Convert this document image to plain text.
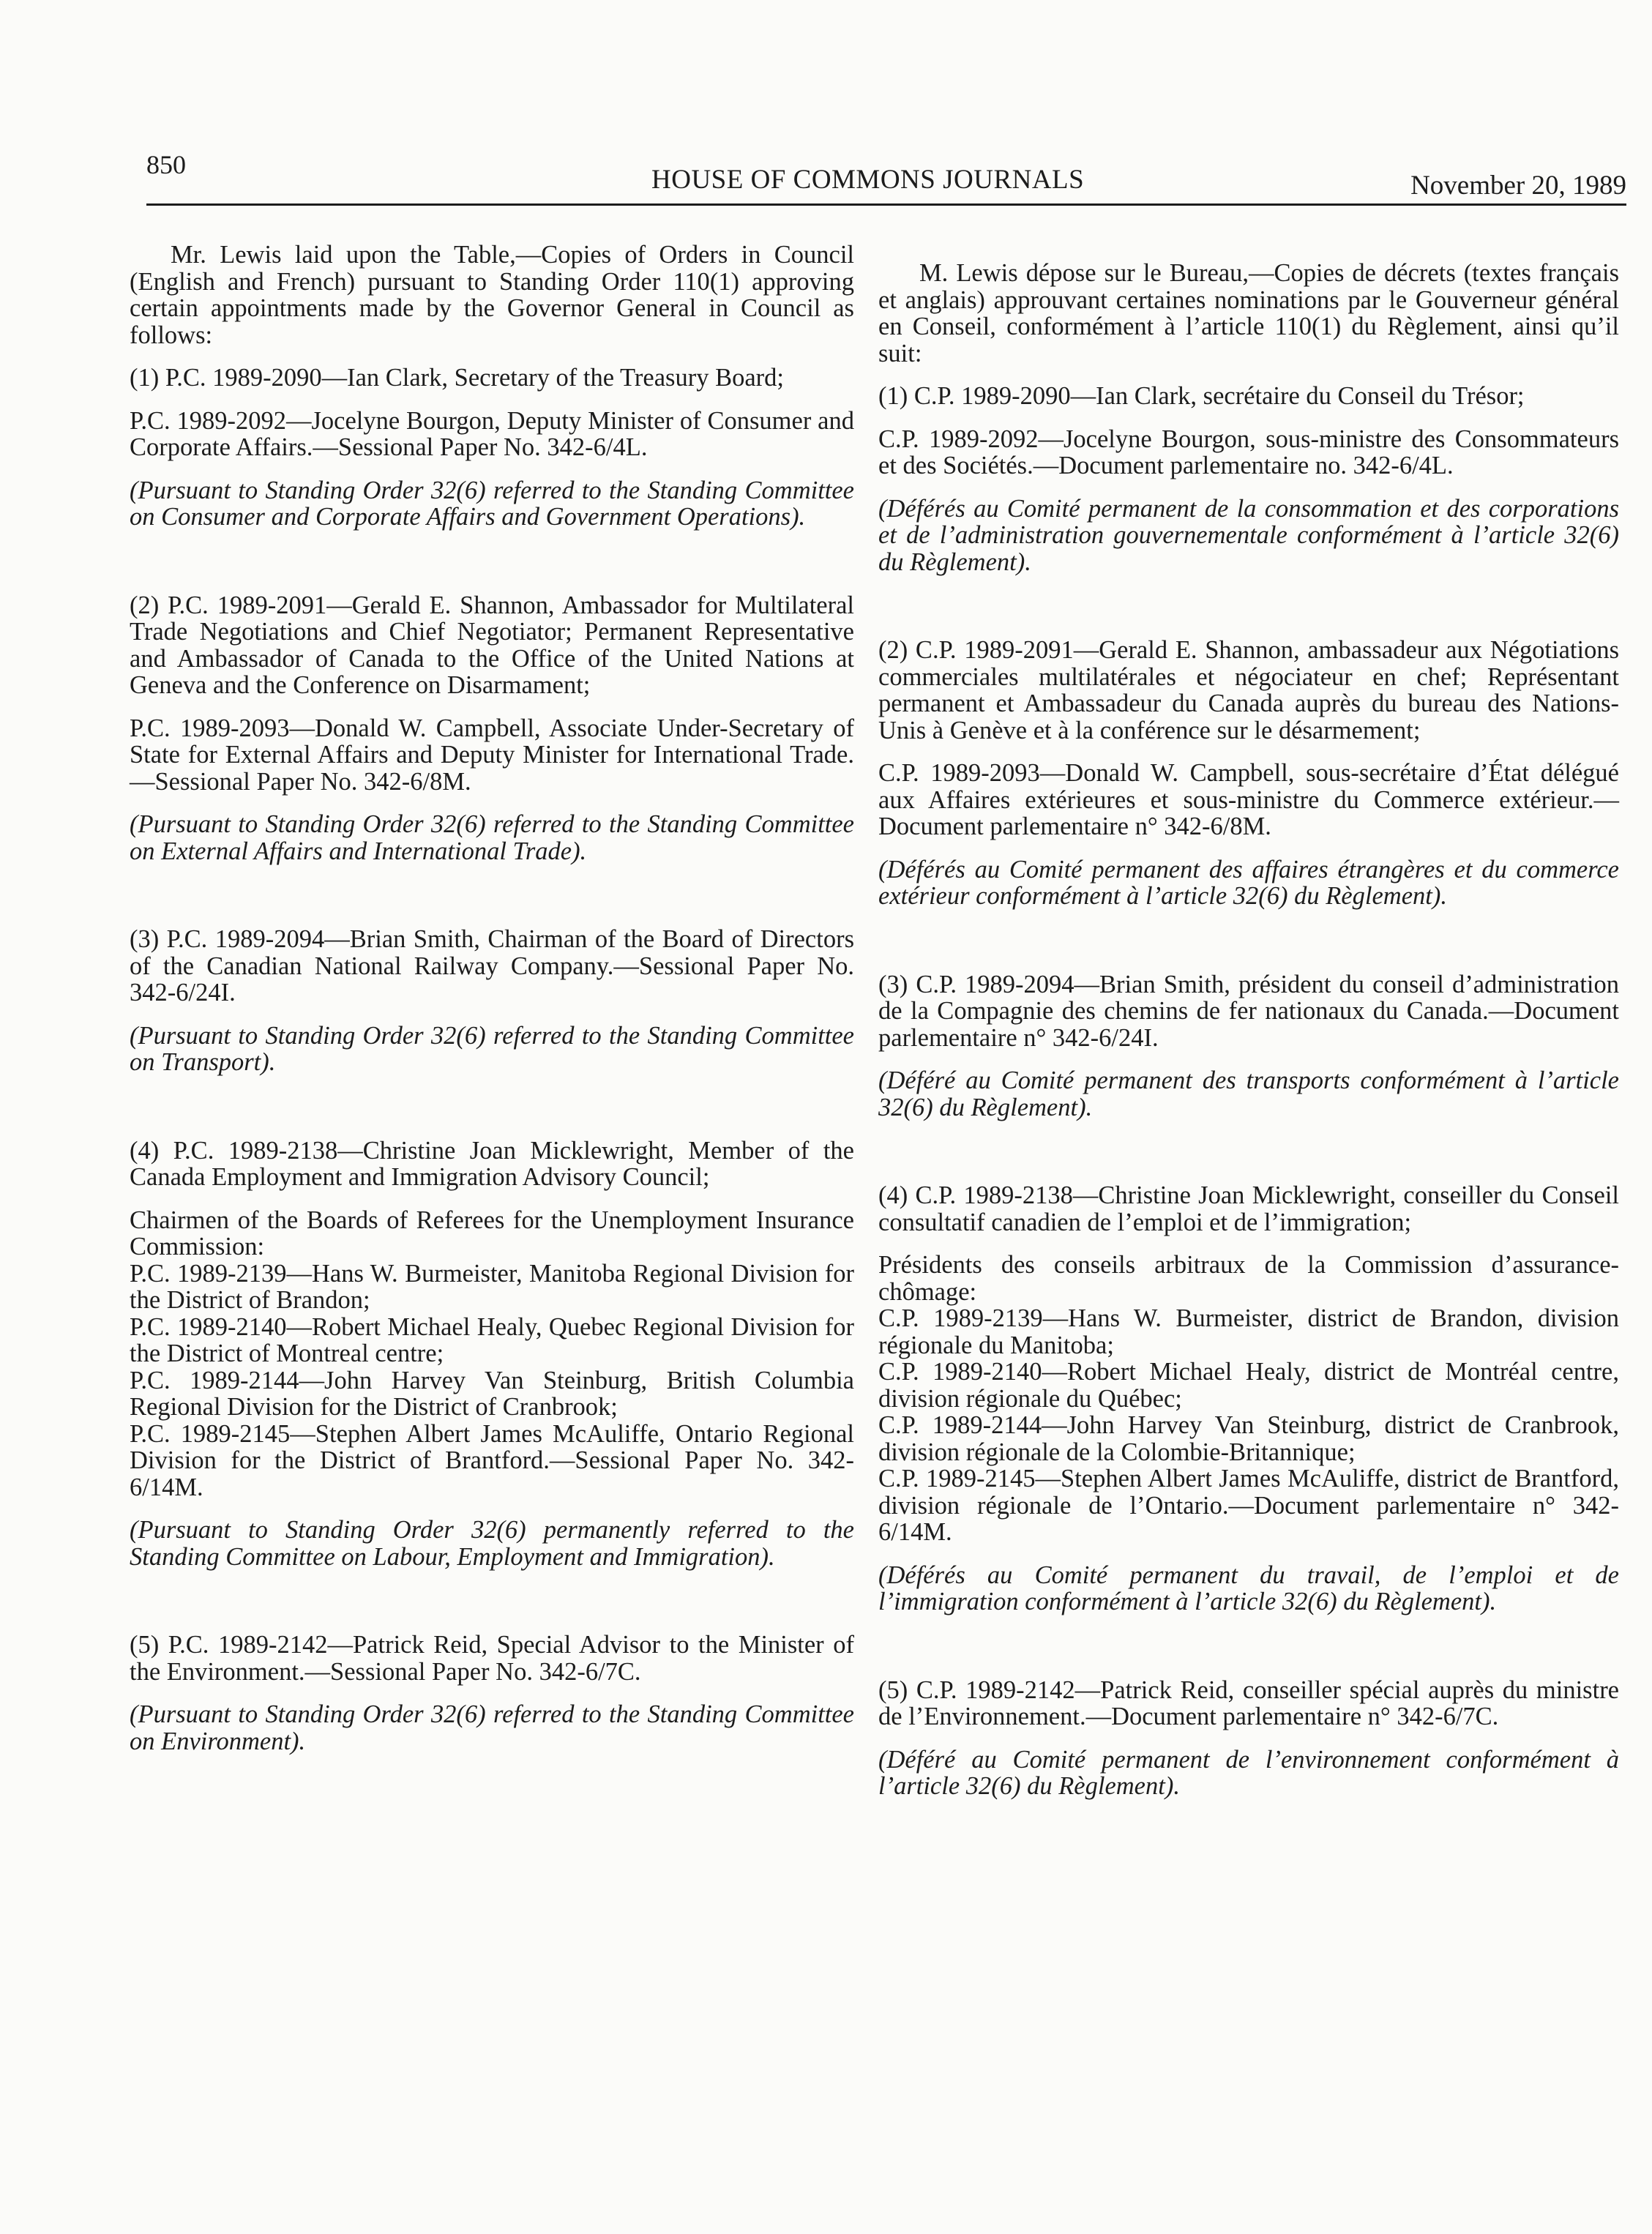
850	HOUSE OF COMMONS JOURNALS	November 20, 1989

Mr. Lewis laid upon the Table,—Copies of Orders in Council (English and French) pursuant to Standing Order 110(1) approving certain appointments made by the Governor General in Council as follows:

(1) P.C. 1989-2090—Ian Clark, Secretary of the Treasury Board;

P.C. 1989-2092—Jocelyne Bourgon, Deputy Minister of Consumer and Corporate Affairs.—Sessional Paper No. 342-6/4L.

(Pursuant to Standing Order 32(6) referred to the Standing Committee on Consumer and Corporate Affairs and Government Operations).

(2) P.C. 1989-2091—Gerald E. Shannon, Ambassador for Multilateral Trade Negotiations and Chief Negotiator; Permanent Representative and Ambassador of Canada to the Office of the United Nations at Geneva and the Conference on Disarmament;

P.C. 1989-2093—Donald W. Campbell, Associate Under-Secretary of State for External Affairs and Deputy Minister for International Trade.—Sessional Paper No. 342-6/8M.

(Pursuant to Standing Order 32(6) referred to the Standing Committee on External Affairs and International Trade).

(3) P.C. 1989-2094—Brian Smith, Chairman of the Board of Directors of the Canadian National Railway Company.—Sessional Paper No. 342-6/24I.

(Pursuant to Standing Order 32(6) referred to the Standing Committee on Transport).

(4) P.C. 1989-2138—Christine Joan Micklewright, Member of the Canada Employment and Immigration Advisory Council;

Chairmen of the Boards of Referees for the Unemployment Insurance Commission:

P.C. 1989-2139—Hans W. Burmeister, Manitoba Regional Division for the District of Brandon;

P.C. 1989-2140—Robert Michael Healy, Quebec Regional Division for the District of Montreal centre;

P.C. 1989-2144—John Harvey Van Steinburg, British Columbia Regional Division for the District of Cranbrook;

P.C. 1989-2145—Stephen Albert James McAuliffe, Ontario Regional Division for the District of Brantford.—Sessional Paper No. 342-6/14M.

(Pursuant to Standing Order 32(6) permanently referred to the Standing Committee on Labour, Employment and Immigration).

(5) P.C. 1989-2142—Patrick Reid, Special Advisor to the Minister of the Environment.—Sessional Paper No. 342-6/7C.

(Pursuant to Standing Order 32(6) referred to the Standing Committee on Environment).

M. Lewis dépose sur le Bureau,—Copies de décrets (textes français et anglais) approuvant certaines nominations par le Gouverneur général en Conseil, conformément à l’article 110(1) du Règlement, ainsi qu’il suit:

(1) C.P. 1989-2090—Ian Clark, secrétaire du Conseil du Trésor;

C.P. 1989-2092—Jocelyne Bourgon, sous-ministre des Consommateurs et des Sociétés.—Document parlementaire no. 342-6/4L.

(Déférés au Comité permanent de la consommation et des corporations et de l’administration gouvernementale conformément à l’article 32(6) du Règlement).

(2) C.P. 1989-2091—Gerald E. Shannon, ambassadeur aux Négotiations commerciales multilatérales et négociateur en chef; Représentant permanent et Ambassadeur du Canada auprès du bureau des Nations-Unis à Genève et à la conférence sur le désarmement;

C.P. 1989-2093—Donald W. Campbell, sous-secrétaire d’État délégué aux Affaires extérieures et sous-ministre du Commerce extérieur.—Document parlementaire n° 342-6/8M.

(Déférés au Comité permanent des affaires étrangères et du commerce extérieur conformément à l’article 32(6) du Règlement).

(3) C.P. 1989-2094—Brian Smith, président du conseil d’administration de la Compagnie des chemins de fer nationaux du Canada.—Document parlementaire n° 342-6/24I.

(Déféré au Comité permanent des transports conformément à l’article 32(6) du Règlement).

(4) C.P. 1989-2138—Christine Joan Micklewright, conseiller du Conseil consultatif canadien de l’emploi et de l’immigration;

Présidents des conseils arbitraux de la Commission d’assurance-chômage:

C.P. 1989-2139—Hans W. Burmeister, district de Brandon, division régionale du Manitoba;

C.P. 1989-2140—Robert Michael Healy, district de Montréal centre, division régionale du Québec;

C.P. 1989-2144—John Harvey Van Steinburg, district de Cranbrook, division régionale de la Colombie-Britannique;

C.P. 1989-2145—Stephen Albert James McAuliffe, district de Brantford, division régionale de l’Ontario.—Document parlementaire n° 342-6/14M.

(Déférés au Comité permanent du travail, de l’emploi et de l’immigration conformément à l’article 32(6) du Règlement).

(5) C.P. 1989-2142—Patrick Reid, conseiller spécial auprès du ministre de l’Environnement.—Document parlementaire n° 342-6/7C.

(Déféré au Comité permanent de l’environnement conformément à l’article 32(6) du Règlement).
